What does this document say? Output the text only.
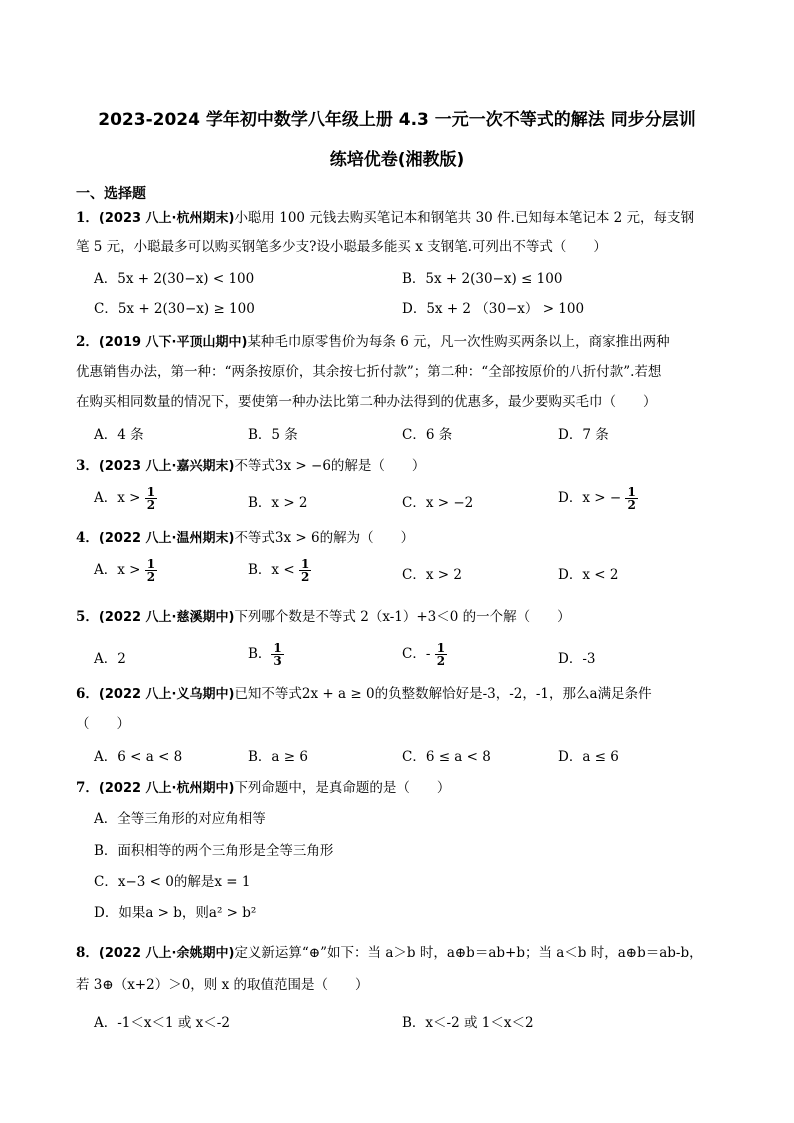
2023-2024 学年初中数学八年级上册 4.3 一元一次不等式的解法 同步分层训
练培优卷(湘教版)
一、选择题
1．(2023 八上·杭州期末)小聪用 100 元钱去购买笔记本和钢笔共 30 件.已知每本笔记本 2 元，每支钢
笔 5 元，小聪最多可以购买钢笔多少支?设小聪最多能买 x 支钢笔.可列出不等式（　　）
A．5x + 2(30−x) < 100	B．5x + 2(30−x) ≤ 100
C．5x + 2(30−x) ≥ 100	D．5x + 2 （30−x） > 100
2．(2019 八下·平顶山期中)某种毛巾原零售价为每条 6 元，凡一次性购买两条以上，商家推出两种
优惠销售办法，第一种：“两条按原价，其余按七折付款”；第二种：“全部按原价的八折付款”.若想
在购买相同数量的情况下，要使第一种办法比第二种办法得到的优惠多，最少要购买毛巾（　　）
A．4 条	B．5 条	C．6 条	D．7 条
3．(2023 八上·嘉兴期末)不等式3x > −6的解是（　　）
A．$x > \frac{1}{2}$	B．x > 2	C．x > −2	D．x > − $\frac{1}{2}$
4．(2022 八上·温州期末)不等式3x > 6的解为（　　）
A．$x > \frac{1}{2}$	B．$x < \frac{1}{2}$	C．x > 2	D．x < 2
5．(2022 八上·慈溪期中)下列哪个数是不等式 2（x-1）+3＜0 的一个解（　　）
A．2	B． $\frac{1}{3}$	C．- $\frac{1}{2}$	D．-3
6．(2022 八上·义乌期中)已知不等式2x + a ≥ 0的负整数解恰好是-3，-2，-1，那么a满足条件
（　　）
A．6 < a < 8	B．a ≥ 6	C．6 ≤ a < 8	D．a ≤ 6
7．(2022 八上·杭州期中)下列命题中，是真命题的是（　　）
A．全等三角形的对应角相等
B．面积相等的两个三角形是全等三角形
C．x−3 < 0的解是x = 1
D．如果a > b，则a² > b²
8．(2022 八上·余姚期中)定义新运算“⊕”如下：当 a＞b 时，a⊕b＝ab+b；当 a＜b 时，a⊕b＝ab-b，
若 3⊕（x+2）＞0，则 x 的取值范围是（　　）
A．-1＜x＜1 或 x＜-2	B．x＜-2 或 1＜x＜2
